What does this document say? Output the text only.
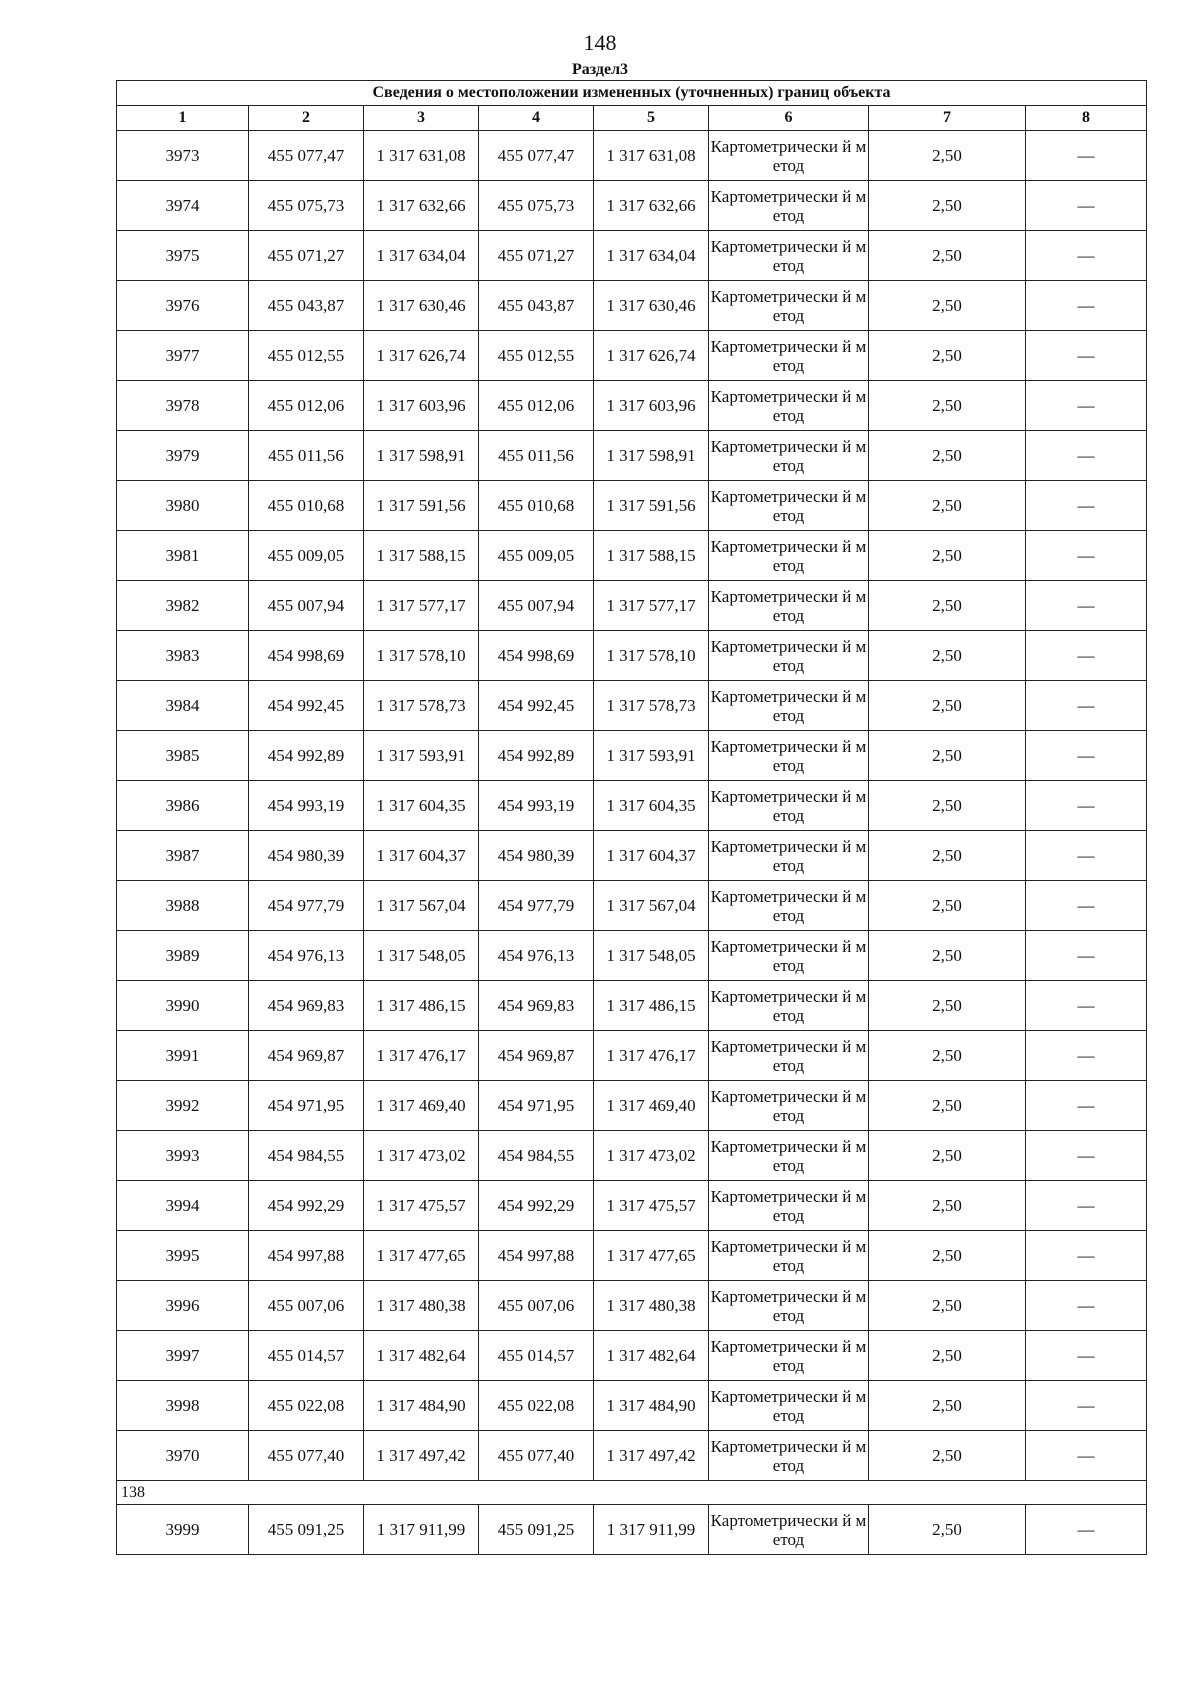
148
Раздел3
Сведения о местоположении измененных (уточненных) границ объекта							
1	2	3	4	5	6	7	8
3973	455 077,47	1 317 631,08	455 077,47	1 317 631,08	Картометрически й метод	2,50	—
3974	455 075,73	1 317 632,66	455 075,73	1 317 632,66	Картометрически й метод	2,50	—
3975	455 071,27	1 317 634,04	455 071,27	1 317 634,04	Картометрически й метод	2,50	—
3976	455 043,87	1 317 630,46	455 043,87	1 317 630,46	Картометрически й метод	2,50	—
3977	455 012,55	1 317 626,74	455 012,55	1 317 626,74	Картометрически й метод	2,50	—
3978	455 012,06	1 317 603,96	455 012,06	1 317 603,96	Картометрически й метод	2,50	—
3979	455 011,56	1 317 598,91	455 011,56	1 317 598,91	Картометрически й метод	2,50	—
3980	455 010,68	1 317 591,56	455 010,68	1 317 591,56	Картометрически й метод	2,50	—
3981	455 009,05	1 317 588,15	455 009,05	1 317 588,15	Картометрически й метод	2,50	—
3982	455 007,94	1 317 577,17	455 007,94	1 317 577,17	Картометрически й метод	2,50	—
3983	454 998,69	1 317 578,10	454 998,69	1 317 578,10	Картометрически й метод	2,50	—
3984	454 992,45	1 317 578,73	454 992,45	1 317 578,73	Картометрически й метод	2,50	—
3985	454 992,89	1 317 593,91	454 992,89	1 317 593,91	Картометрически й метод	2,50	—
3986	454 993,19	1 317 604,35	454 993,19	1 317 604,35	Картометрически й метод	2,50	—
3987	454 980,39	1 317 604,37	454 980,39	1 317 604,37	Картометрически й метод	2,50	—
3988	454 977,79	1 317 567,04	454 977,79	1 317 567,04	Картометрически й метод	2,50	—
3989	454 976,13	1 317 548,05	454 976,13	1 317 548,05	Картометрически й метод	2,50	—
3990	454 969,83	1 317 486,15	454 969,83	1 317 486,15	Картометрически й метод	2,50	—
3991	454 969,87	1 317 476,17	454 969,87	1 317 476,17	Картометрически й метод	2,50	—
3992	454 971,95	1 317 469,40	454 971,95	1 317 469,40	Картометрически й метод	2,50	—
3993	454 984,55	1 317 473,02	454 984,55	1 317 473,02	Картометрически й метод	2,50	—
3994	454 992,29	1 317 475,57	454 992,29	1 317 475,57	Картометрически й метод	2,50	—
3995	454 997,88	1 317 477,65	454 997,88	1 317 477,65	Картометрически й метод	2,50	—
3996	455 007,06	1 317 480,38	455 007,06	1 317 480,38	Картометрически й метод	2,50	—
3997	455 014,57	1 317 482,64	455 014,57	1 317 482,64	Картометрически й метод	2,50	—
3998	455 022,08	1 317 484,90	455 022,08	1 317 484,90	Картометрически й метод	2,50	—
3970	455 077,40	1 317 497,42	455 077,40	1 317 497,42	Картометрически й метод	2,50	—
138							
3999	455 091,25	1 317 911,99	455 091,25	1 317 911,99	Картометрически й метод	2,50	—
